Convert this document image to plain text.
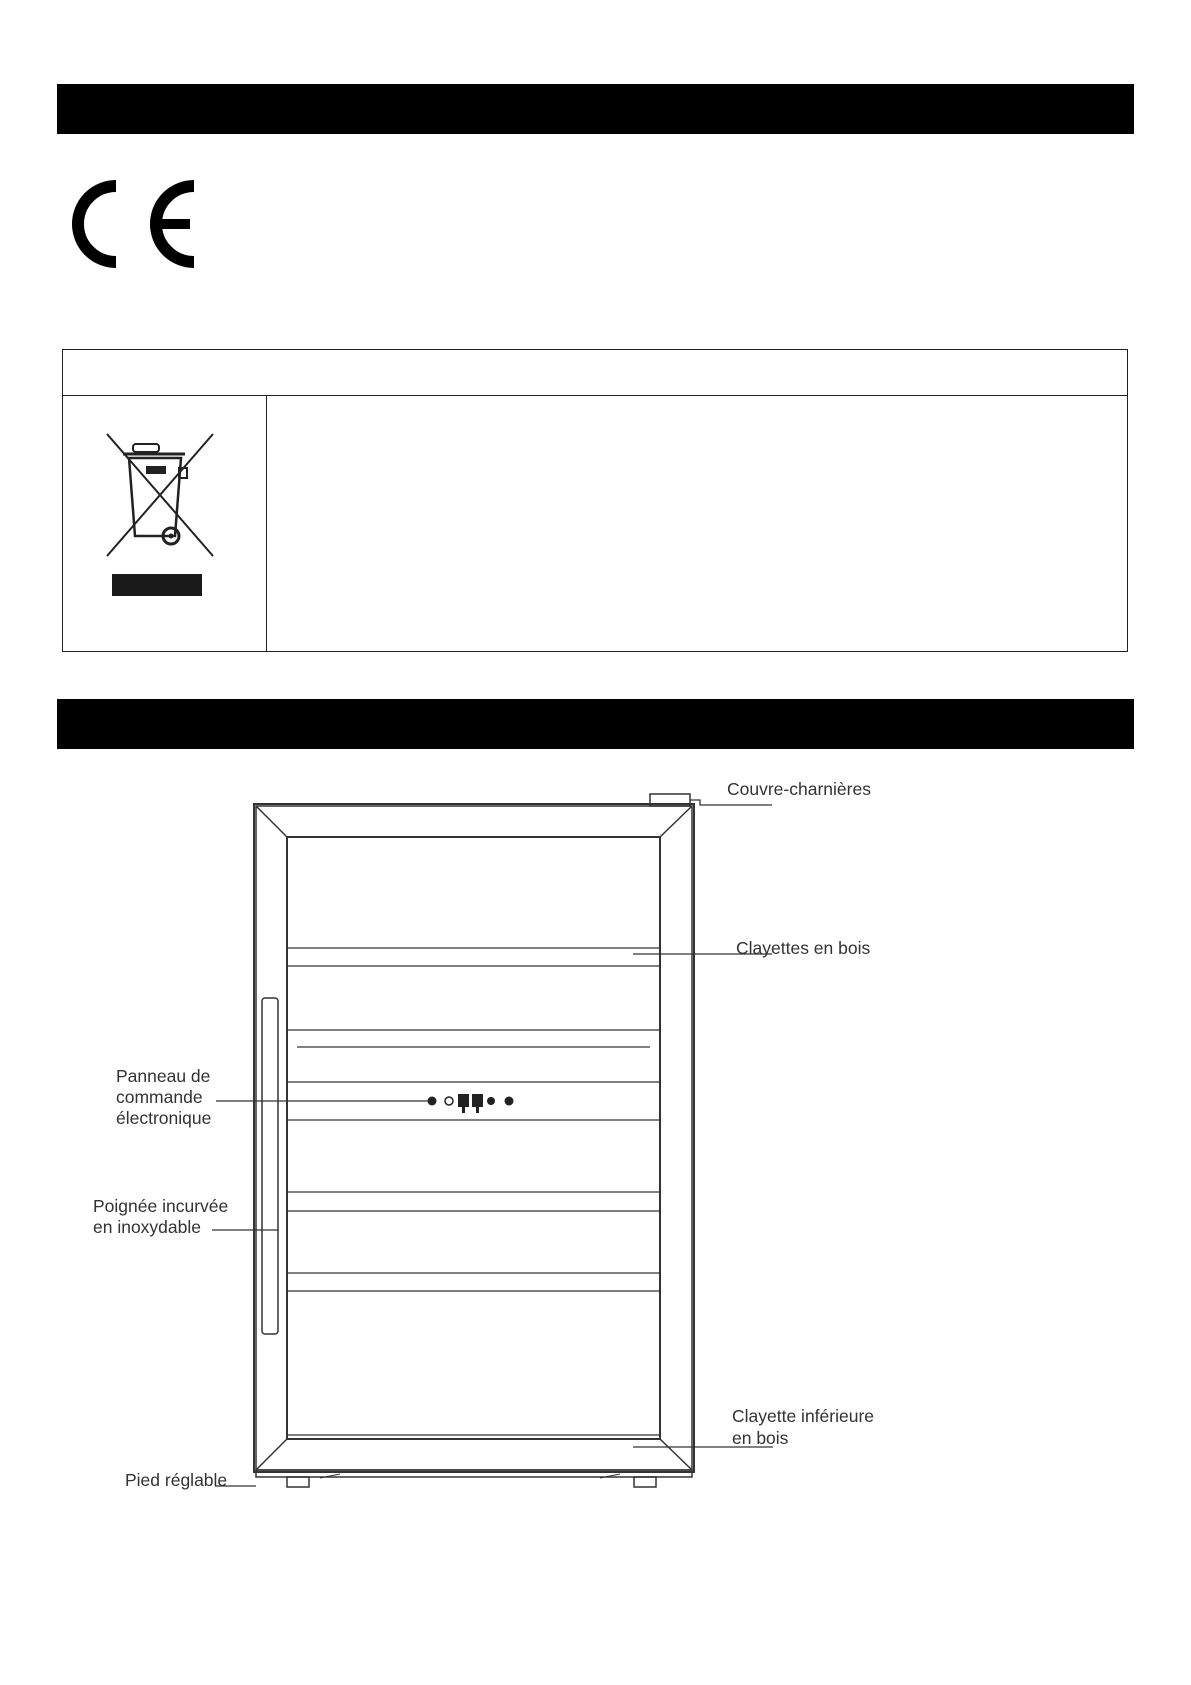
Couvre-charnières
Clayettes en bois
Panneau de
commande
électronique
Poignée incurvée
en inoxydable
Clayette inférieure
en bois
Pied réglable
